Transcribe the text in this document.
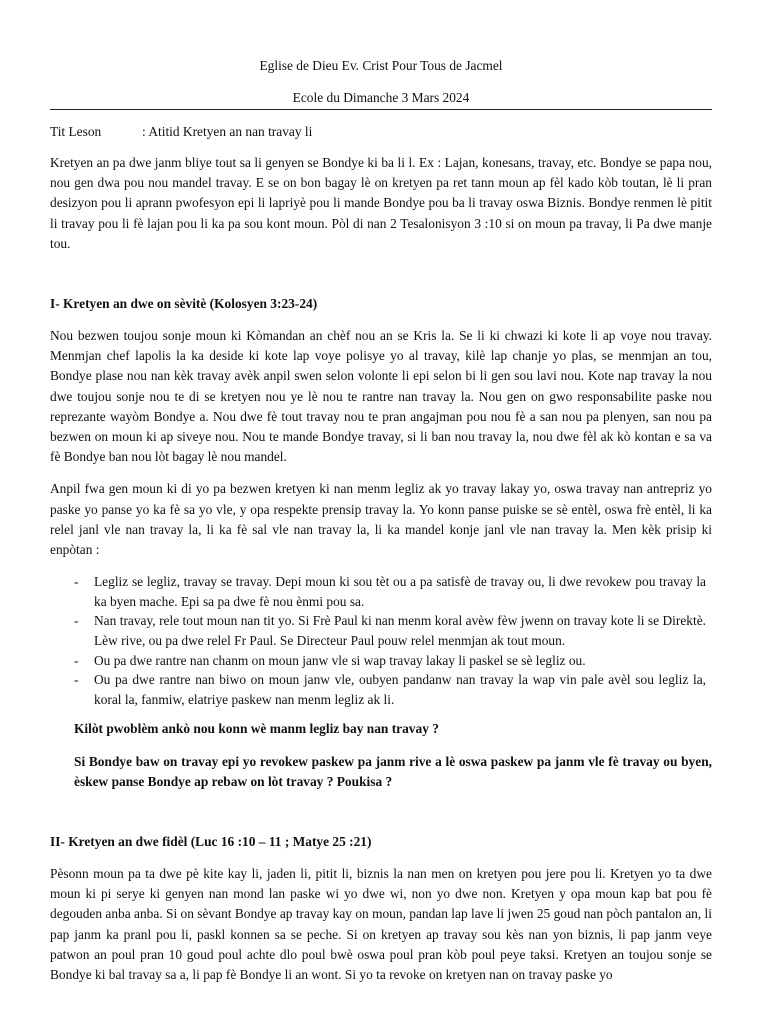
Eglise de Dieu Ev. Crist Pour Tous de Jacmel

Ecole du Dimanche 3 Mars 2024

Tit Leson	: Atitid Kretyen an nan travay li

Kretyen an pa dwe janm bliye tout sa li genyen se Bondye ki ba li l. Ex : Lajan, konesans, travay, etc. Bondye se papa nou, nou gen dwa pou nou mandel travay. E se on bon bagay lè on kretyen pa ret tann moun ap fèl kado kòb toutan, lè li pran desizyon pou li aprann pwofesyon epi li lapriyè pou li mande Bondye pou ba li travay oswa Biznis. Bondye renmen lè pitit li travay pou li fè lajan pou li ka pa sou kont moun. Pòl di nan 2 Tesalonisyon 3 :10 si on moun pa travay, li Pa dwe manje tou.

I- Kretyen an dwe on sèvitè (Kolosyen 3:23-24)

Nou bezwen toujou sonje moun ki Kòmandan an chèf nou an se Kris la. Se li ki chwazi ki kote li ap voye nou travay. Menmjan chef lapolis la ka deside ki kote lap voye polisye yo al travay, kilè lap chanje yo plas, se menmjan an tou, Bondye plase nou nan kèk travay avèk anpil swen selon volonte li epi selon bi li gen sou lavi nou. Kote nap travay la nou dwe toujou sonje nou te di se kretyen nou ye lè nou te rantre nan travay la. Nou gen on gwo responsabilite paske nou reprezante wayòm Bondye a. Nou dwe fè tout travay nou te pran angajman pou nou fè a san nou pa plenyen, san nou pa bezwen on moun ki ap siveye nou. Nou te mande Bondye travay, si li ban nou travay la, nou dwe fèl ak kò kontan e sa va fè Bondye ban nou lòt bagay lè nou mandel.

Anpil fwa gen moun ki di yo pa bezwen kretyen ki nan menm legliz ak yo travay lakay yo, oswa travay nan antrepriz yo paske yo panse yo ka fè sa yo vle, y opa respekte prensip travay la. Yo konn panse puiske se sè entèl, oswa frè entèl, li ka relel janl vle nan travay la, li ka fè sal vle nan travay la, li ka mandel konje janl vle nan travay la. Men kèk prisip ki enpòtan :

- Legliz se legliz, travay se travay. Depi moun ki sou tèt ou a pa satisfè de travay ou, li dwe revokew pou travay la ka byen mache. Epi sa pa dwe fè nou ènmi pou sa.
- Nan travay, rele tout moun nan tit yo. Si Frè Paul ki nan menm koral avèw fèw jwenn on travay kote li se Direktè. Lèw rive, ou pa dwe relel Fr Paul. Se Directeur Paul pouw relel menmjan ak tout moun.
- Ou pa dwe rantre nan chanm on moun janw vle si wap travay lakay li paskel se sè legliz ou.
- Ou pa dwe rantre nan biwo on moun janw vle, oubyen pandanw nan travay la wap vin pale avèl sou legliz la, koral la, fanmiw, elatriye paskew nan menm legliz ak li.

Kilòt pwoblèm ankò nou konn wè manm legliz bay nan travay ?

Si Bondye baw on travay epi yo revokew paskew pa janm rive a lè oswa paskew pa janm vle fè travay ou byen, èskew panse Bondye ap rebaw on lòt travay ? Poukisa ?

II- Kretyen an dwe fidèl (Luc 16 :10 – 11 ; Matye 25 :21)

Pèsonn moun pa ta dwe pè kite kay li, jaden li, pitit li, biznis la nan men on kretyen pou jere pou li. Kretyen yo ta dwe moun ki pi serye ki genyen nan mond lan paske wi yo dwe wi, non yo dwe non. Kretyen y opa moun kap bat pou fè degouden anba anba. Si on sèvant Bondye ap travay kay on moun, pandan lap lave li jwen 25 goud nan pòch pantalon an, li pap janm ka pranl pou li, paskl konnen sa se peche. Si on kretyen ap travay sou kès nan yon biznis, li pap janm veye patwon an poul pran 10 goud poul achte dlo poul bwè oswa poul pran kòb poul peye taksi. Kretyen an toujou sonje se Bondye ki bal travay sa a, li pap fè Bondye li an wont. Si yo ta revoke on kretyen nan on travay paske yo
